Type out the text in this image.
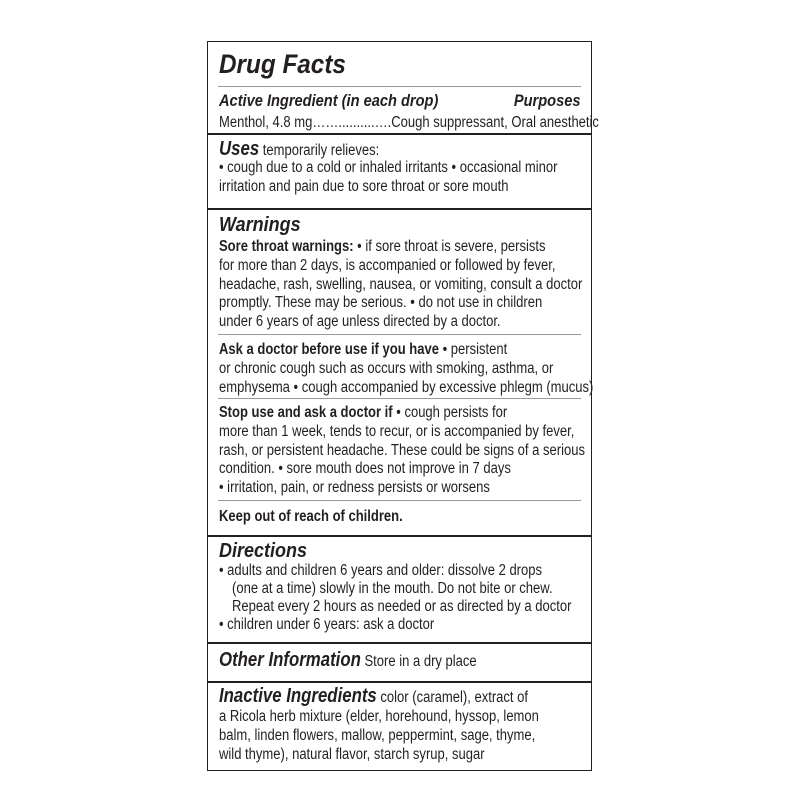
Drug Facts
Active Ingredient (in each drop)	Purposes
Menthol, 4.8 mg……..........….Cough suppressant, Oral anesthetic
Uses temporarily relieves:
• cough due to a cold or inhaled irritants • occasional minor
irritation and pain due to sore throat or sore mouth
Warnings
Sore throat warnings: • if sore throat is severe, persists
for more than 2 days, is accompanied or followed by fever,
headache, rash, swelling, nausea, or vomiting, consult a doctor
promptly. These may be serious. • do not use in children
under 6 years of age unless directed by a doctor.
Ask a doctor before use if you have • persistent
or chronic cough such as occurs with smoking, asthma, or
emphysema • cough accompanied by excessive phlegm (mucus)
Stop use and ask a doctor if • cough persists for
more than 1 week, tends to recur, or is accompanied by fever,
rash, or persistent headache. These could be signs of a serious
condition. • sore mouth does not improve in 7 days
• irritation, pain, or redness persists or worsens
Keep out of reach of children.
Directions
• adults and children 6 years and older: dissolve 2 drops
(one at a time) slowly in the mouth. Do not bite or chew.
Repeat every 2 hours as needed or as directed by a doctor
• children under 6 years: ask a doctor
Other Information Store in a dry place
Inactive Ingredients color (caramel), extract of
a Ricola herb mixture (elder, horehound, hyssop, lemon
balm, linden flowers, mallow, peppermint, sage, thyme,
wild thyme), natural flavor, starch syrup, sugar
